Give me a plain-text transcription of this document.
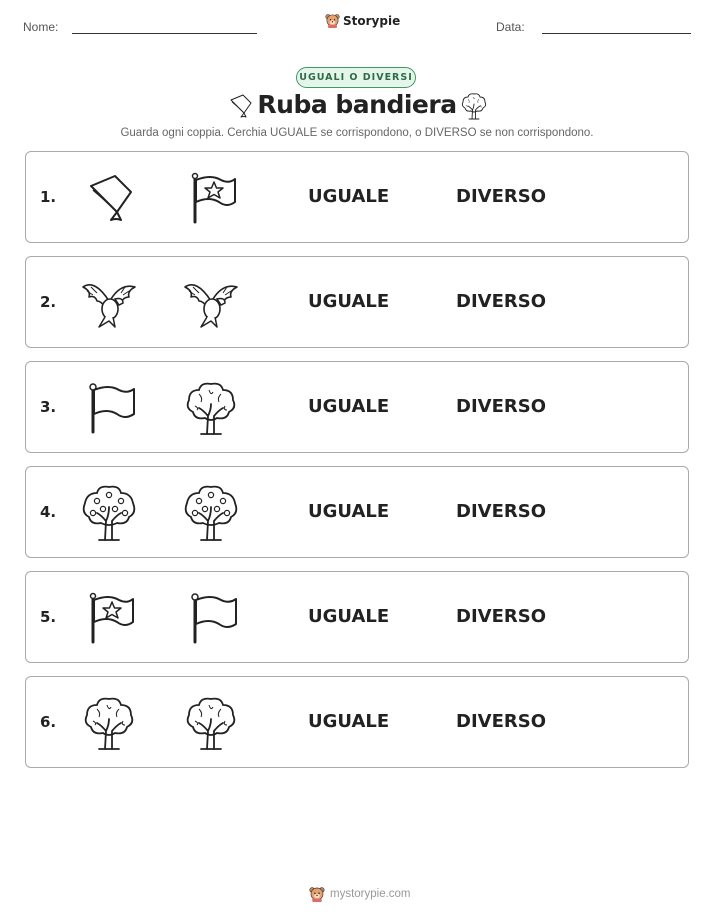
Nome:	Storypie	Data:
UGUALI O DIVERSI
Ruba bandiera
Guarda ogni coppia. Cerchia UGUALE se corrispondono, o DIVERSO se non corrispondono.
1.	UGUALE	DIVERSO
2.	UGUALE	DIVERSO
3.	UGUALE	DIVERSO
4.	UGUALE	DIVERSO
5.	UGUALE	DIVERSO
6.	UGUALE	DIVERSO
mystorypie.com
